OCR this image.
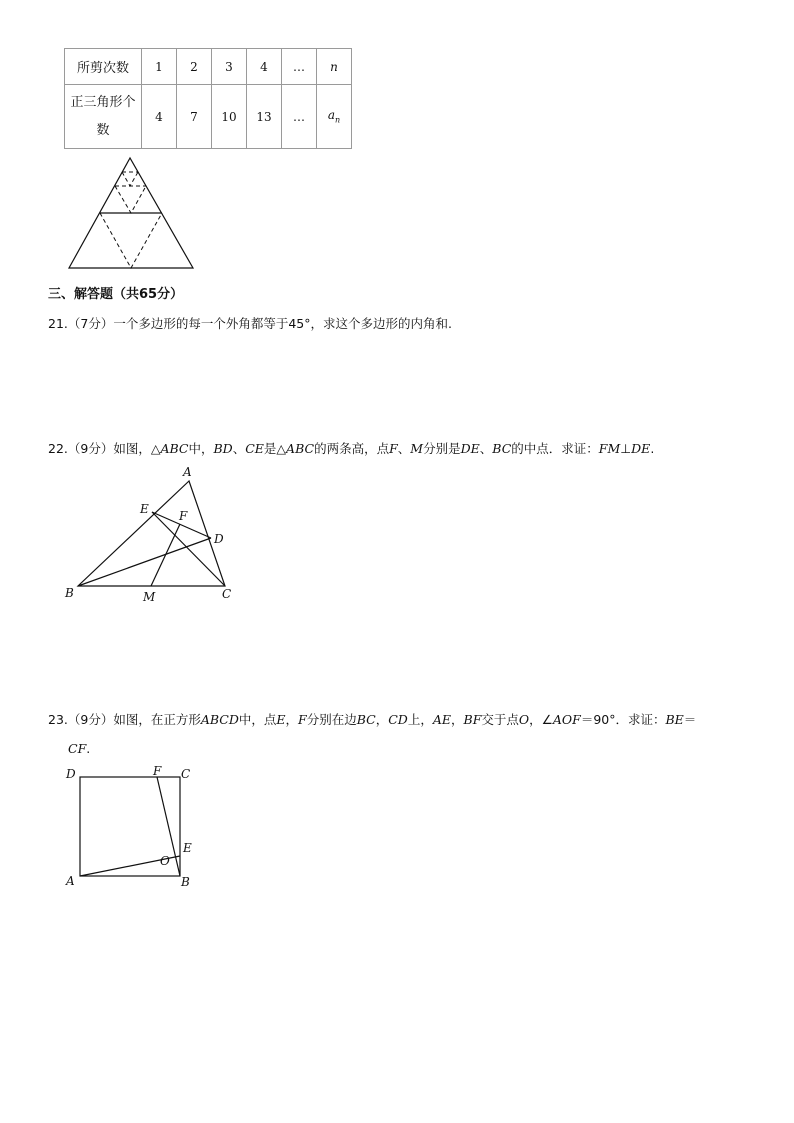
所剪次数	1	2	3	4	…	n
正三角形个
数	4	7	10	13	…	$a_n$
三、解答题（共65分）
21.（7分）一个多边形的每一个外角都等于45°，求这个多边形的内角和.
22.（9分）如图，△ABC中，BD、CE是△ABC的两条高，点F、M分别是DE、BC的中点．求证：FM⊥DE.
A
E	F
D
B	M	C
23.（9分）如图，在正方形ABCD中，点E，F分别在边BC，CD上，AE，BF交于点O，∠AOF＝90°．求证：BE＝
CF.
D	F C
E
O
A	B
